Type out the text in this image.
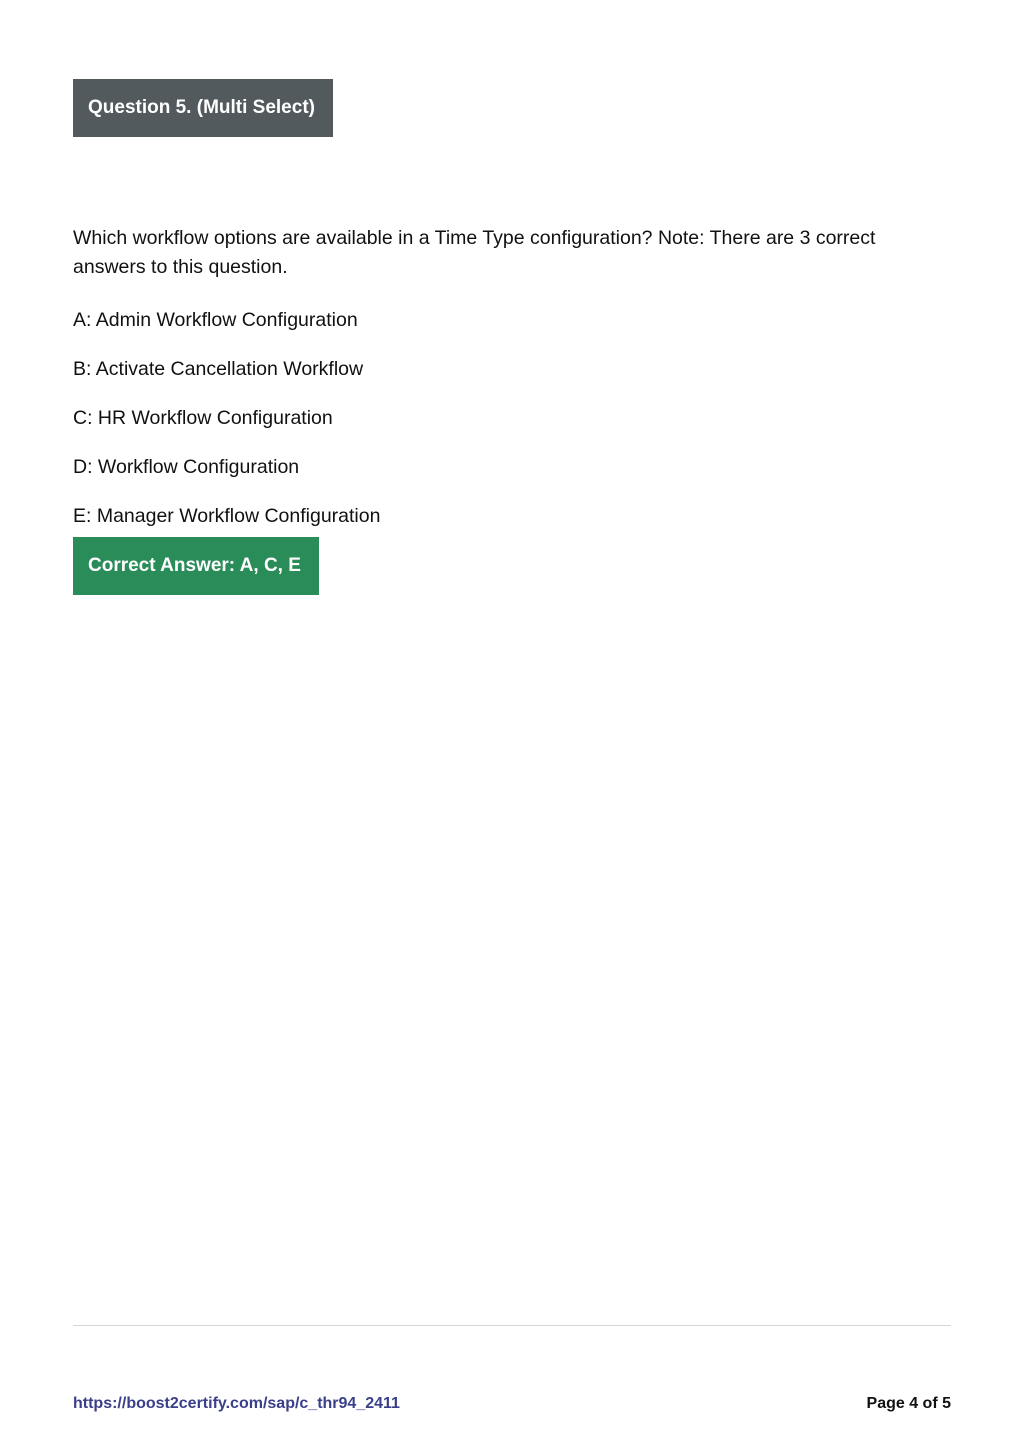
Question 5. (Multi Select)

Which workflow options are available in a Time Type configuration? Note: There are 3 correct answers to this question.

A: Admin Workflow Configuration
B: Activate Cancellation Workflow
C: HR Workflow Configuration
D: Workflow Configuration
E: Manager Workflow Configuration
Correct Answer: A, C, E
https://boost2certify.com/sap/c_thr94_2411	Page 4 of 5
